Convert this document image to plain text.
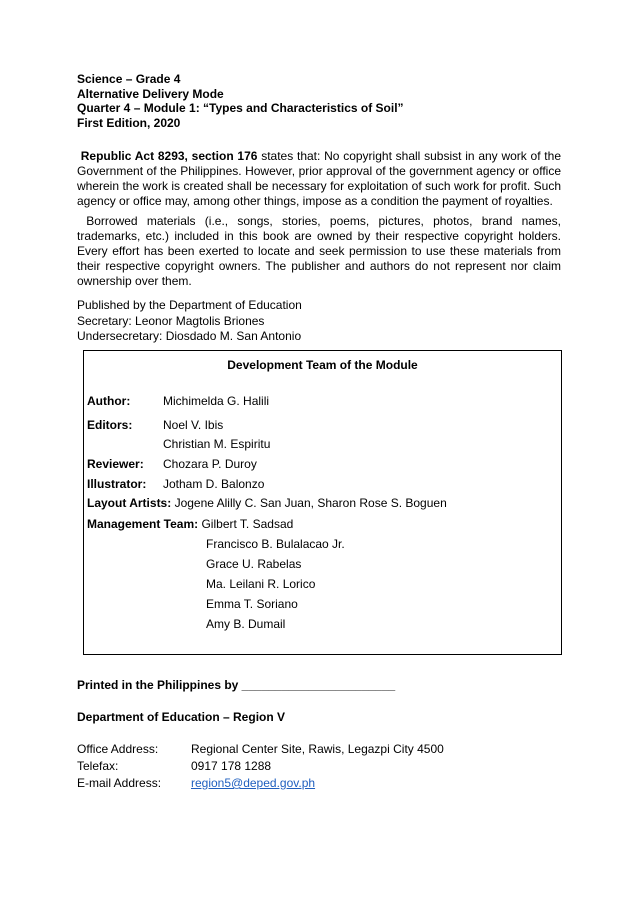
Science – Grade 4
Alternative Delivery Mode
Quarter 4 – Module 1: “Types and Characteristics of Soil”
First Edition, 2020
Republic Act 8293, section 176 states that: No copyright shall subsist in any work of the Government of the Philippines. However, prior approval of the government agency or office wherein the work is created shall be necessary for exploitation of such work for profit. Such agency or office may, among other things, impose as a condition the payment of royalties.
Borrowed materials (i.e., songs, stories, poems, pictures, photos, brand names, trademarks, etc.) included in this book are owned by their respective copyright holders. Every effort has been exerted to locate and seek permission to use these materials from their respective copyright owners. The publisher and authors do not represent nor claim ownership over them.
Published by the Department of Education
Secretary: Leonor Magtolis Briones
Undersecretary: Diosdado M. San Antonio
Development Team of the Module
Author:	Michimelda G. Halili
Editors:	Noel V. Ibis
Christian M. Espiritu
Reviewer: Chozara P. Duroy
Illustrator: Jotham D. Balonzo
Layout Artists: Jogene Alilly C. San Juan, Sharon Rose S. Boguen
Management Team: Gilbert T. Sadsad
Francisco B. Bulalacao Jr.
Grace U. Rabelas
Ma. Leilani R. Lorico
Emma T. Soriano
Amy B. Dumail
Printed in the Philippines by _______________________
Department of Education – Region V
Office Address:	Regional Center Site, Rawis, Legazpi City 4500
Telefax:	0917 178 1288
E-mail Address: region5@deped.gov.ph
